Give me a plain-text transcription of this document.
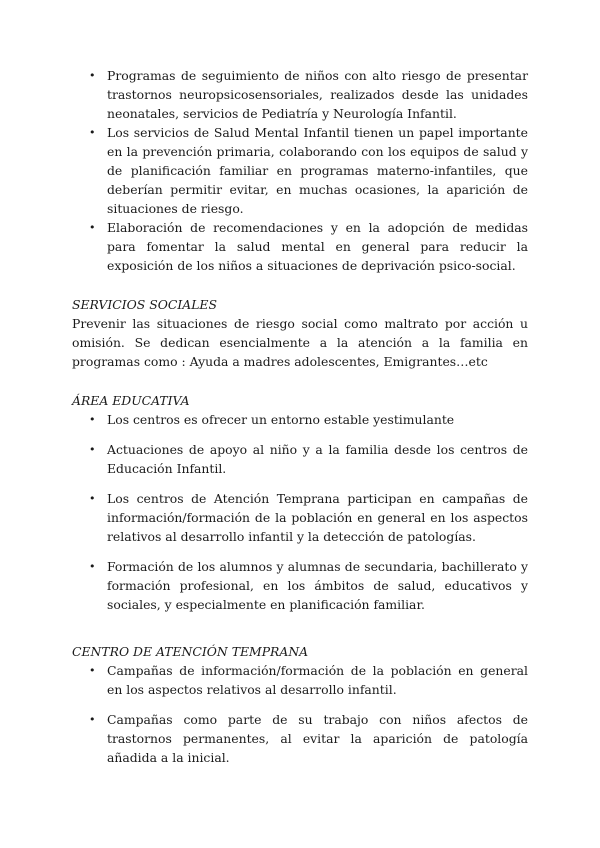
• Programas de seguimiento de niños con alto riesgo de presentar trastornos neuropsicosensoriales, realizados desde las unidades neonatales, servicios de Pediatría y Neurología Infantil.
• Los servicios de Salud Mental Infantil tienen un papel importante en la prevención primaria, colaborando con los equipos de salud y de planificación familiar en programas materno-infantiles, que deberían permitir evitar, en muchas ocasiones, la aparición de situaciones de riesgo.
• Elaboración de recomendaciones y en la adopción de medidas para fomentar la salud mental en general para reducir la exposición de los niños a situaciones de deprivación psico-social.

SERVICIOS SOCIALES

Prevenir las situaciones de riesgo social como maltrato por acción u omisión. Se dedican esencialmente a la atención a la familia en programas como : Ayuda a madres adolescentes, Emigrantes…etc

ÁREA EDUCATIVA

• Los centros es ofrecer un entorno estable yestimulante
• Actuaciones de apoyo al niño y a la familia desde los centros de Educación Infantil.
• Los centros de Atención Temprana participan en campañas de información/formación de la población en general en los aspectos relativos al desarrollo infantil y la detección de patologías.
• Formación de los alumnos y alumnas de secundaria, bachillerato y formación profesional, en los ámbitos de salud, educativos y sociales, y especialmente en planificación familiar.

CENTRO DE ATENCIÓN TEMPRANA

• Campañas de información/formación de la población en general en los aspectos relativos al desarrollo infantil.
• Campañas como parte de su trabajo con niños afectos de trastornos permanentes, al evitar la aparición de patología añadida a la inicial.
